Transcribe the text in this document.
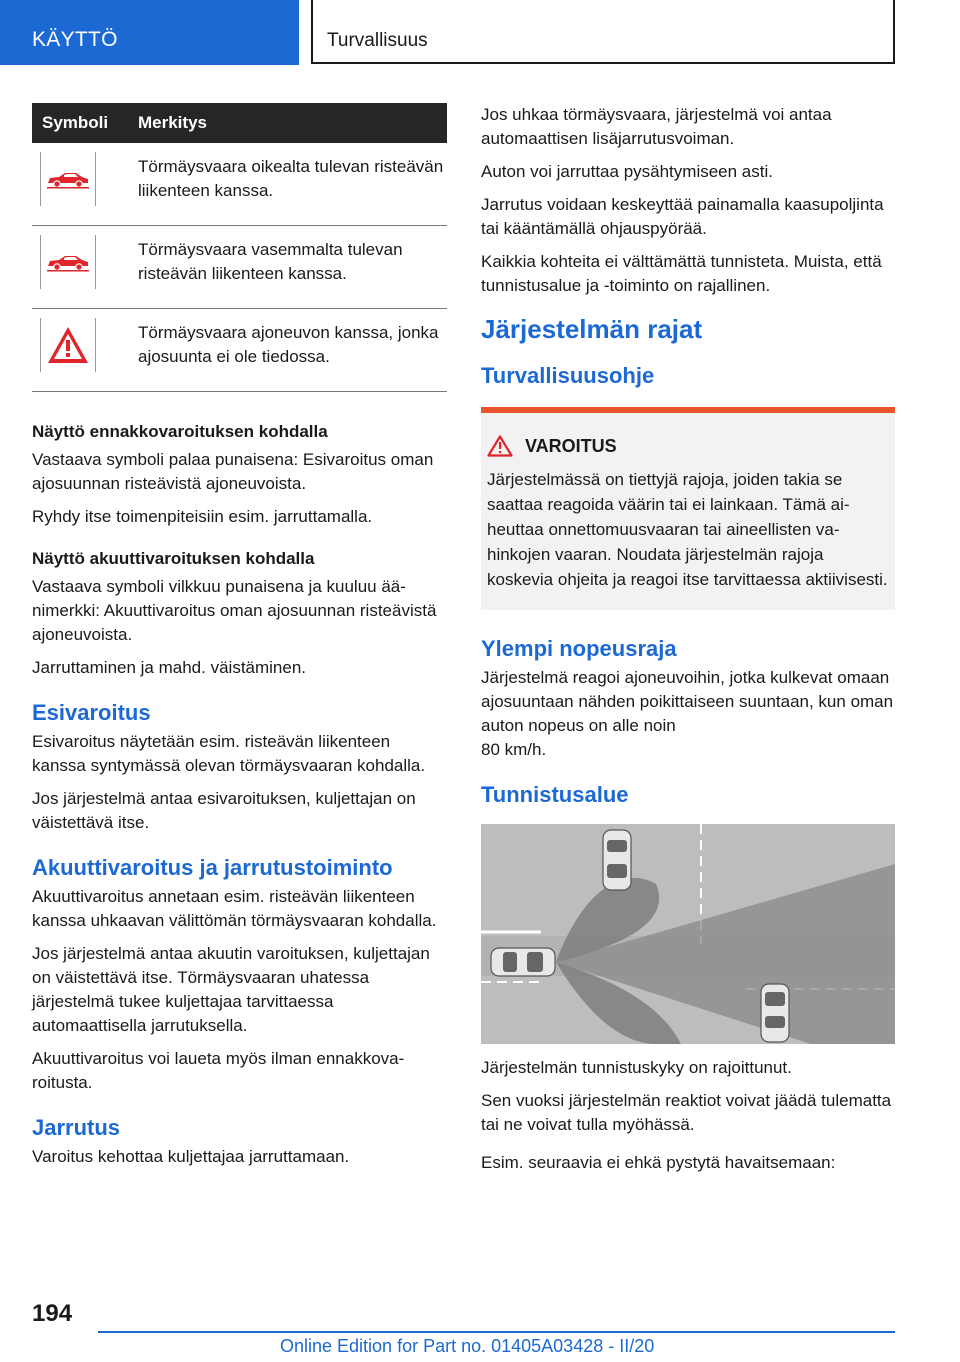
KÄYTTÖ	Turvallisuus
Symboli	Merkitys

	Törmäysvaara oikealta tulevan risteävän liikenteen kanssa.

	Törmäysvaara vasemmalta tulevan risteävän liikenteen kanssa.

	Törmäysvaara ajoneuvon kanssa, jonka ajosuunta ei ole tiedossa.
Näyttö ennakkovaroituksen kohdalla

Vastaava symboli palaa punaisena: Esivaroitus oman ajosuunnan risteävistä ajoneuvoista.

Ryhdy itse toimenpiteisiin esim. jarruttamalla.

Näyttö akuuttivaroituksen kohdalla

Vastaava symboli vilkkuu punaisena ja kuuluu äänimerkki: Akuuttivaroitus oman ajosuunnan risteävistä ajoneuvoista.

Jarruttaminen ja mahd. väistäminen.

Esivaroitus

Esivaroitus näytetään esim. risteävän liikenteen kanssa syntymässä olevan törmäysvaaran kohdalla.

Jos järjestelmä antaa esivaroituksen, kuljettajan on väistettävä itse.

Akuuttivaroitus ja jarrutustoiminto

Akuuttivaroitus annetaan esim. risteävän liikenteen kanssa uhkaavan välittömän törmäysvaaran kohdalla.

Jos järjestelmä antaa akuutin varoituksen, kuljettajan on väistettävä itse. Törmäysvaaran uhatessa järjestelmä tukee kuljettajaa tarvittaessa automaattisella jarrutuksella.

Akuuttivaroitus voi laueta myös ilman ennakkovaroitusta.

Jarrutus

Varoitus kehottaa kuljettajaa jarruttamaan.

Jos uhkaa törmäysvaara, järjestelmä voi antaa automaattisen lisäjarrutusvoiman.

Auton voi jarruttaa pysähtymiseen asti.

Jarrutus voidaan keskeyttää painamalla kaasupoljinta tai kääntämällä ohjauspyörää.

Kaikkia kohteita ei välttämättä tunnisteta. Muista, että tunnistusalue ja -toiminto on rajallinen.

Järjestelmän rajat
Turvallisuusohje
VAROITUS

Järjestelmässä on tiettyjä rajoja, joiden takia se saattaa reagoida väärin tai ei lainkaan. Tämä aiheuttaa onnettomuusvaaran tai aineellisten vahinkojen vaaran. Noudata järjestelmän rajoja koskevia ohjeita ja reagoi itse tarvittaessa aktiivisesti.

Ylempi nopeusraja

Järjestelmä reagoi ajoneuvoihin, jotka kulkevat omaan ajosuuntaan nähden poikittaiseen suuntaan, kun oman auton nopeus on alle noin
80 km/h.

Tunnistusalue

Järjestelmän tunnistuskyky on rajoittunut.

Sen vuoksi järjestelmän reaktiot voivat jäädä tulematta tai ne voivat tulla myöhässä.

Esim. seuraavia ei ehkä pystytä havaitsemaan:

194
Online Edition for Part no. 01405A03428 - II/20
